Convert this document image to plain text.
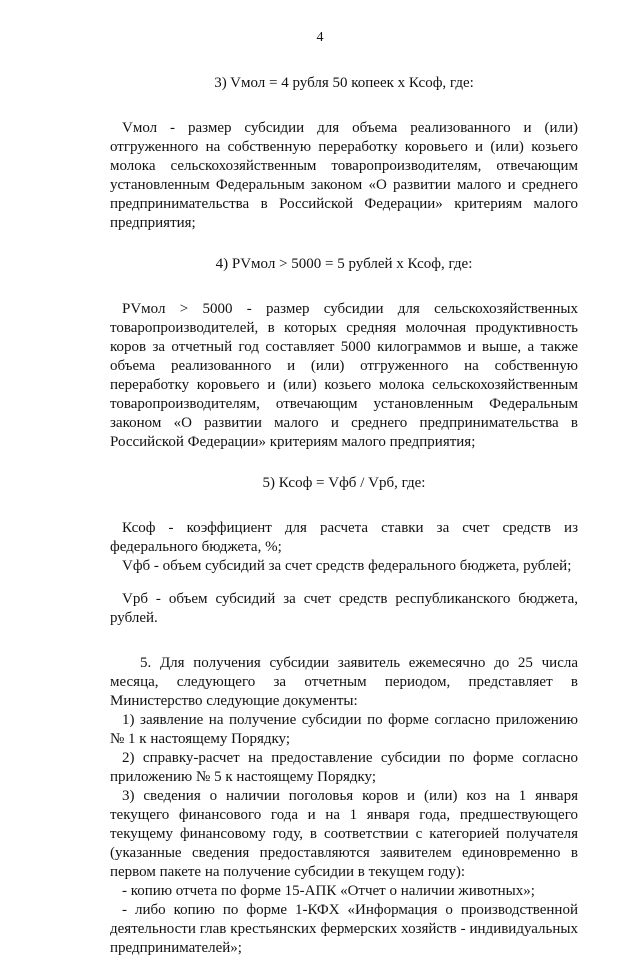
4

3) Vмол = 4 рубля 50 копеек х Ксоф, где:

Vмол - размер субсидии для объема реализованного и (или) отгруженного на собственную переработку коровьего и (или) козьего молока сельскохозяйственным товаропроизводителям, отвечающим установленным Федеральным законом «О развитии малого и среднего предпринимательства в Российской Федерации» критериям малого предприятия;

4) PVмол > 5000 = 5 рублей х Ксоф, где:

PVмол > 5000 - размер субсидии для сельскохозяйственных товаропроизводителей, в которых средняя молочная продуктивность коров за отчетный год составляет 5000 килограммов и выше, а также объема реализованного и (или) отгруженного на собственную переработку коровьего и (или) козьего молока сельскохозяйственным товаропроизводителям, отвечающим установленным Федеральным законом «О развитии малого и среднего предпринимательства в Российской Федерации» критериям малого предприятия;

5) Ксоф = Vфб / Vрб, где:

Ксоф - коэффициент для расчета ставки за счет средств из федерального бюджета, %;

Vфб - объем субсидий за счет средств федерального бюджета, рублей;

Vрб - объем субсидий за счет средств республиканского бюджета, рублей.

5. Для получения субсидии заявитель ежемесячно до 25 числа месяца, следующего за отчетным периодом, представляет в Министерство следующие документы:

1) заявление на получение субсидии по форме согласно приложению № 1 к настоящему Порядку;

2) справку-расчет на предоставление субсидии по форме согласно приложению № 5 к настоящему Порядку;

3) сведения о наличии поголовья коров и (или) коз на 1 января текущего финансового года и на 1 января года, предшествующего текущему финансовому году, в соответствии с категорией получателя (указанные сведения предоставляются заявителем единовременно в первом пакете на получение субсидии в текущем году):

- копию отчета по форме 15-АПК «Отчет о наличии животных»;

- либо копию по форме 1-КФХ «Информация о производственной деятельности глав крестьянских фермерских хозяйств - индивидуальных предпринимателей»;
